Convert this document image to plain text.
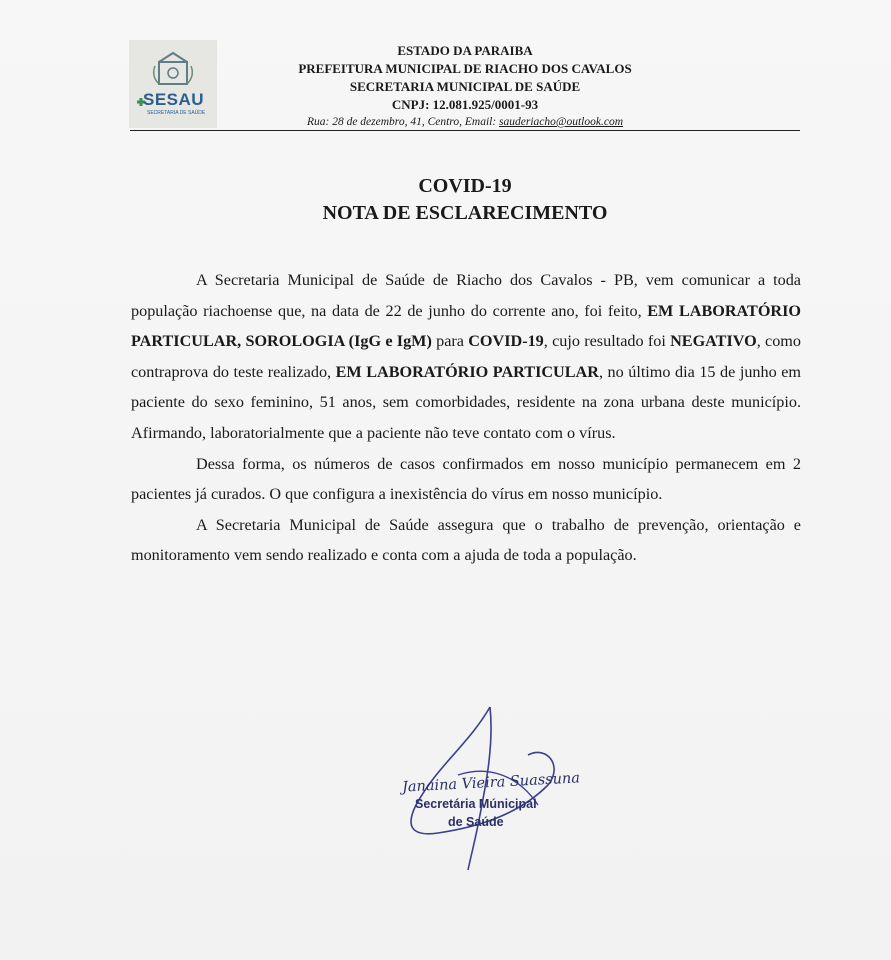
SESAU
SECRETARIA DE SAÚDE
ESTADO DA PARAIBA
PREFEITURA MUNICIPAL DE RIACHO DOS CAVALOS
SECRETARIA MUNICIPAL DE SAÚDE
CNPJ: 12.081.925/0001-93
Rua: 28 de dezembro, 41, Centro, Email: sauderiacho@outlook.com
COVID-19
NOTA DE ESCLARECIMENTO

A Secretaria Municipal de Saúde de Riacho dos Cavalos - PB, vem comunicar a toda população riachoense que, na data de 22 de junho do corrente ano, foi feito, EM LABORATÓRIO PARTICULAR, SOROLOGIA (IgG e IgM) para COVID-19, cujo resultado foi NEGATIVO, como contraprova do teste realizado, EM LABORATÓRIO PARTICULAR, no último dia 15 de junho em paciente do sexo feminino, 51 anos, sem comorbidades, residente na zona urbana deste município. Afirmando, laboratorialmente que a paciente não teve contato com o vírus.

Dessa forma, os números de casos confirmados em nosso município permanecem em 2 pacientes já curados. O que configura a inexistência do vírus em nosso município.

A Secretaria Municipal de Saúde assegura que o trabalho de prevenção, orientação e monitoramento vem sendo realizado e conta com a ajuda de toda a população.

Janaina Vieira Suassuna
Secretária Múnicipal
de Saúde
